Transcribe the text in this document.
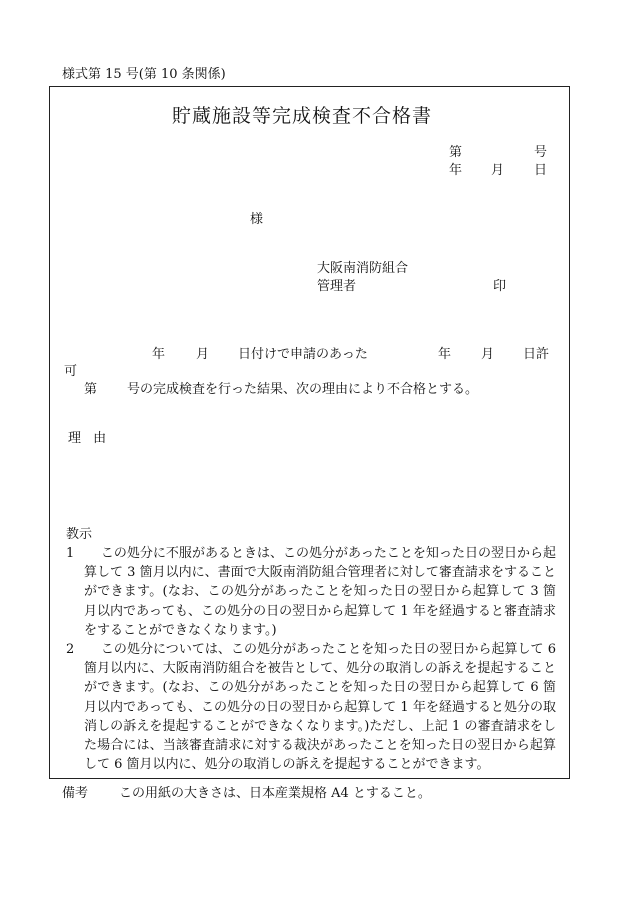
様式第 15 号(第 10 条関係)
貯蔵施設等完成検査不合格書
第	号
年 月 日
様
大阪南消防組合
管理者	印
年 月 日付けで申請のあった	年 月 日許
可
第 号の完成検査を行った結果、次の理由により不合格とする。
理 由
教示
1	この処分に不服があるときは、この処分があったことを知った日の翌日から起算して 3 箇月以内に、書面で大阪南消防組合管理者に対して審査請求をすることができます。(なお、この処分があったことを知った日の翌日から起算して 3 箇月以内であっても、この処分の日の翌日から起算して 1 年を経過すると審査請求をすることができなくなります。)
2	この処分については、この処分があったことを知った日の翌日から起算して 6 箇月以内に、大阪南消防組合を被告として、処分の取消しの訴えを提起することができます。(なお、この処分があったことを知った日の翌日から起算して 6 箇月以内であっても、この処分の日の翌日から起算して 1 年を経過すると処分の取消しの訴えを提起することができなくなります。)ただし、上記 1 の審査請求をした場合には、当該審査請求に対する裁決があったことを知った日の翌日から起算して 6 箇月以内に、処分の取消しの訴えを提起することができます。
備考 この用紙の大きさは、日本産業規格 A4 とすること。
